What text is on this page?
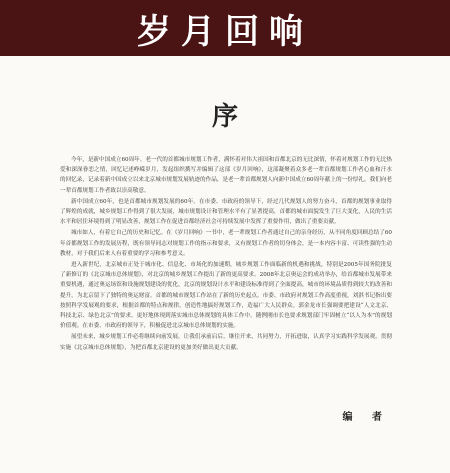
岁月回响
序

今年，是新中国成立60周年。老一代的首都城市规划工作者，满怀着对伟大祖国和首都北京的无比深情，怀着对规划工作的无比热爱和深深眷恋之情，回忆记述峥嵘岁月，发起组织撰写并编辑了这部《岁月回响》，这部凝聚着众多老一辈首都规划工作者心血和汗水的回忆录，记录着新中国成立以来北京城市规划发展轨迹的作品，是老一辈首都规划人向新中国成立60周年献上的一份厚礼。我们向老一辈首都规划工作者致以崇高敬意。

新中国成立60年，也是首都城市规划发展的60年。在市委、市政府的领导下，经过几代规划人的努力奋斗，首都的规划事业取得了辉煌的成就，城乡规划工作得到了很大发展，城市规划设计和管理水平有了显著提高，首都的城市面貌发生了巨大变化，人民的生活水平和居住环境得到了明显改善，规划工作在促进首都经济社会可持续发展中发挥了重要作用，做出了重要贡献。

城市如人，有着它自己的历史和记忆。在《岁月回响》一书中，老一辈规划工作者通过自己的亲身经历，从不同角度回顾总结了60年首都规划工作的发展历程，既有领导同志对规划工作的指示和要求，又有规划工作者的切身体会，是一本内容丰富、可读性强的生动教材，对于我们后来人有着重要的学习和参考意义。

进入新世纪，北京城市正处于城市化、信息化、市场化的加速期，城乡规划工作面临新的机遇和挑战，特别是2005年国务院批复了新修订的《北京城市总体规划》，对北京的城乡规划工作提出了新的更高要求。2008年北京奥运会的成功举办，给首都城市发展带来重要机遇，通过奥运场馆和设施规划建设的优化，北京的规划设计水平和建设标准得到了全面提高，城市的环境品质得到较大的改善和提升。为北京留下了独特的奥运财富。首都的城市规划工作站在了新的历史起点。市委、市政府对规划工作高度重视，刘淇书记指出要按照科学发展观的要求，根据首都的特点和规律，创造性地搞好规划工作，造福广大人民群众。郭金龙市长强调要把建设“人文北京、科技北京、绿色北京”的要求，更好地体现到落实城市总体规划的具体工作中。随例刚市长也要求规划部门牢固树立“以人为本”的规划价值观。在市委、市政府的领导下，积极促进北京城市总体规划的实施。

展望未来，城乡规划工作必将继续向前发展，让我们承前启后，继往开来，共同努力，开拓进取，认真学习实践科学发展观，贯彻实施《北京城市总体规划》，为把首都北京建设的更加美好做出更大贡献。

编 者
